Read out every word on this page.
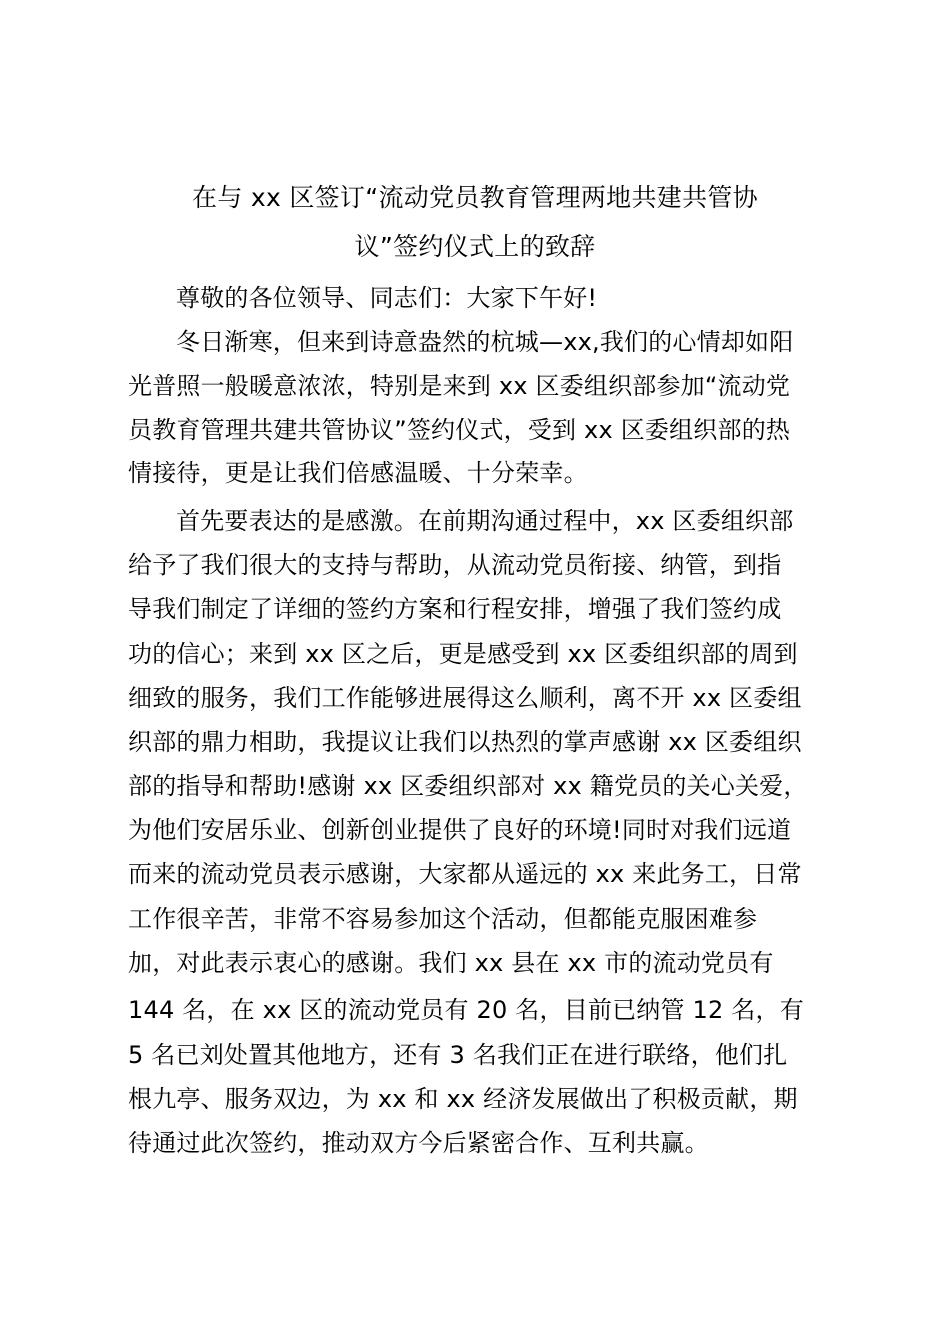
在与 xx 区签订“流动党员教育管理两地共建共管协
议”签约仪式上的致辞
尊敬的各位领导、同志们：大家下午好!
冬日渐寒，但来到诗意盎然的杭城—xx,我们的心情却如阳
光普照一般暖意浓浓，特别是来到 xx 区委组织部参加“流动党
员教育管理共建共管协议”签约仪式，受到 xx 区委组织部的热
情接待，更是让我们倍感温暖、十分荣幸。
首先要表达的是感激。在前期沟通过程中，xx 区委组织部
给予了我们很大的支持与帮助，从流动党员衔接、纳管，到指
导我们制定了详细的签约方案和行程安排，增强了我们签约成
功的信心；来到 xx 区之后，更是感受到 xx 区委组织部的周到
细致的服务，我们工作能够进展得这么顺利，离不开 xx 区委组
织部的鼎力相助，我提议让我们以热烈的掌声感谢 xx 区委组织
部的指导和帮助!感谢 xx 区委组织部对 xx 籍党员的关心关爱，
为他们安居乐业、创新创业提供了良好的环境!同时对我们远道
而来的流动党员表示感谢，大家都从遥远的 xx 来此务工，日常
工作很辛苦，非常不容易参加这个活动，但都能克服困难参
加，对此表示衷心的感谢。我们 xx 县在 xx 市的流动党员有
144 名，在 xx 区的流动党员有 20 名，目前已纳管 12 名，有
5 名已刘处置其他地方，还有 3 名我们正在进行联络，他们扎
根九亭、服务双边，为 xx 和 xx 经济发展做出了积极贡献，期
待通过此次签约，推动双方今后紧密合作、互利共赢。
